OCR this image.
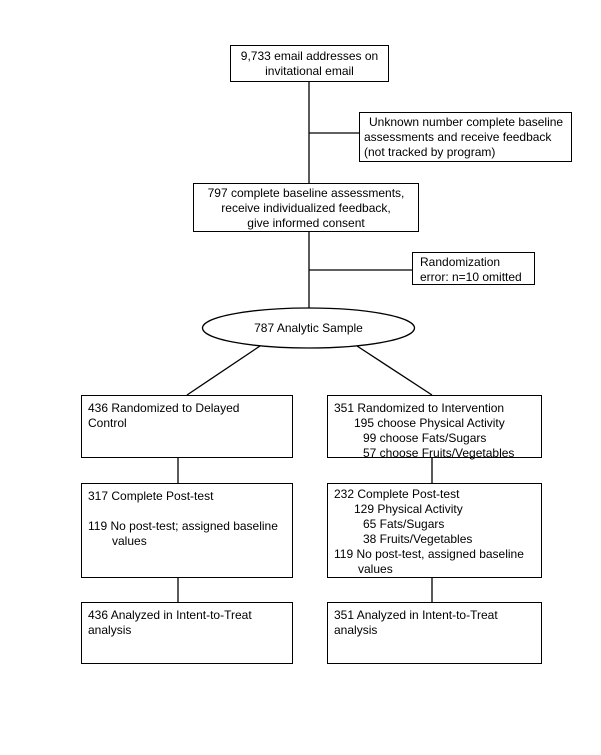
9,733 email addresses on
invitational email
Unknown number complete baseline
assessments and receive feedback
(not tracked by program)
797 complete baseline assessments,
receive individualized feedback,
give informed consent
Randomization
error: n=10 omitted
787 Analytic Sample
436 Randomized to Delayed
Control
351 Randomized to Intervention
195 choose Physical Activity
99 choose Fats/Sugars
57 choose Fruits/Vegetables
317 Complete Post-test
119 No post-test; assigned baseline
values
232 Complete Post-test
129 Physical Activity
65 Fats/Sugars
38 Fruits/Vegetables
119 No post-test, assigned baseline
values
436 Analyzed in Intent-to-Treat
analysis
351 Analyzed in Intent-to-Treat
analysis
